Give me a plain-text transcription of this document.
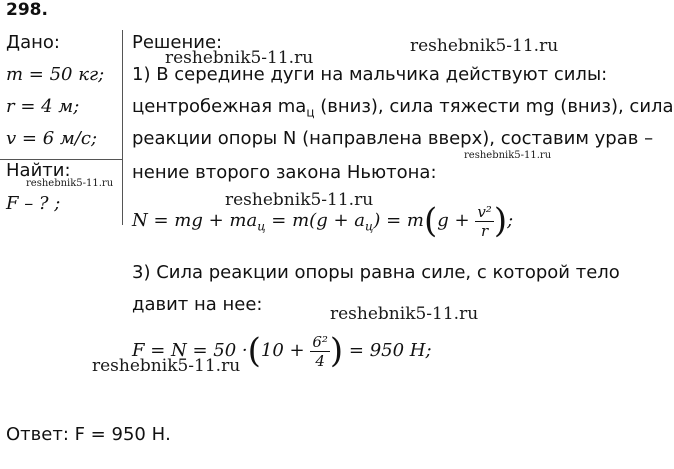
298.
Дано:
m = 50 кг;
r = 4 м;
v = 6 м/с;
Найти:
F – ? ;
Решение:
1) В середине дуги на мальчика действуют силы:
центробежная $ma_ц$ (вниз), сила тяжести mg (вниз), сила
реакции опоры N (направлена вверх), составим урав –
нение второго закона Ньютона:
N = mg + $ma_ц = m(g + a_ц) = m(g + \frac{\text{v²}}{r}$ );
3) Сила реакции опоры равна силе, с которой тело
давит на нее:
$F = N = 50 \cdot(10 + \frac{\text{6²}}{4}$ ) = 950 Н;
Ответ: F = 950 Н.
reshebnik5-11.ru
reshebnik5-11.ru
reshebnik5-11.ru
reshebnik5-11.ru
reshebnik5-11.ru
reshebnik5-11.ru
reshebnik5-11.ru
